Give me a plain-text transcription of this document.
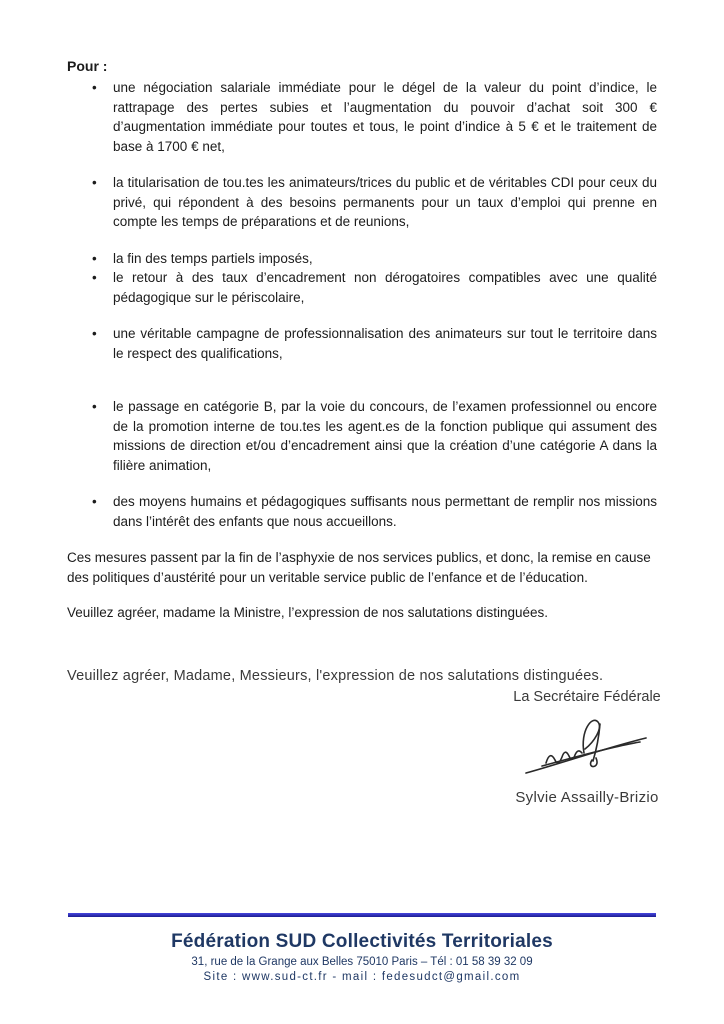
Pour :

• une négociation salariale immédiate pour le dégel de la valeur du point d’indice, le rattrapage des pertes subies et l’augmentation du pouvoir d’achat soit 300 € d’augmentation immédiate pour toutes et tous, le point d’indice à 5 € et le traitement de base à 1700 € net,
• la titularisation de tou.tes les animateurs/trices du public et de véritables CDI pour ceux du privé, qui répondent à des besoins permanents pour un taux d’emploi qui prenne en compte les temps de préparations et de reunions,
• la fin des temps partiels imposés,
• le retour à des taux d’encadrement non dérogatoires compatibles avec une qualité pédagogique sur le périscolaire,
• une véritable campagne de professionnalisation des animateurs sur tout le territoire dans le respect des qualifications,
• le passage en catégorie B, par la voie du concours, de l’examen professionnel ou encore de la promotion interne de tou.tes les agent.es de la fonction publique qui assument des missions de direction et/ou d’encadrement ainsi que la création d’une catégorie A dans la filière animation,
• des moyens humains et pédagogiques suffisants nous permettant de remplir nos missions dans l’intérêt des enfants que nous accueillons.

Ces mesures passent par la fin de l’asphyxie de nos services publics, et donc, la remise en cause des politiques d’austérité pour un veritable service public de l’enfance et de l’éducation.

Veuillez agréer, madame la Ministre, l’expression de nos salutations distinguées.

Veuillez agréer, Madame, Messieurs, l'expression de nos salutations distinguées.

La Secrétaire Fédérale
Sylvie Assailly-Brizio
Fédération SUD Collectivités Territoriales
31, rue de la Grange aux Belles 75010 Paris – Tél : 01 58 39 32 09
Site : www.sud-ct.fr - mail : fedesudct@gmail.com
